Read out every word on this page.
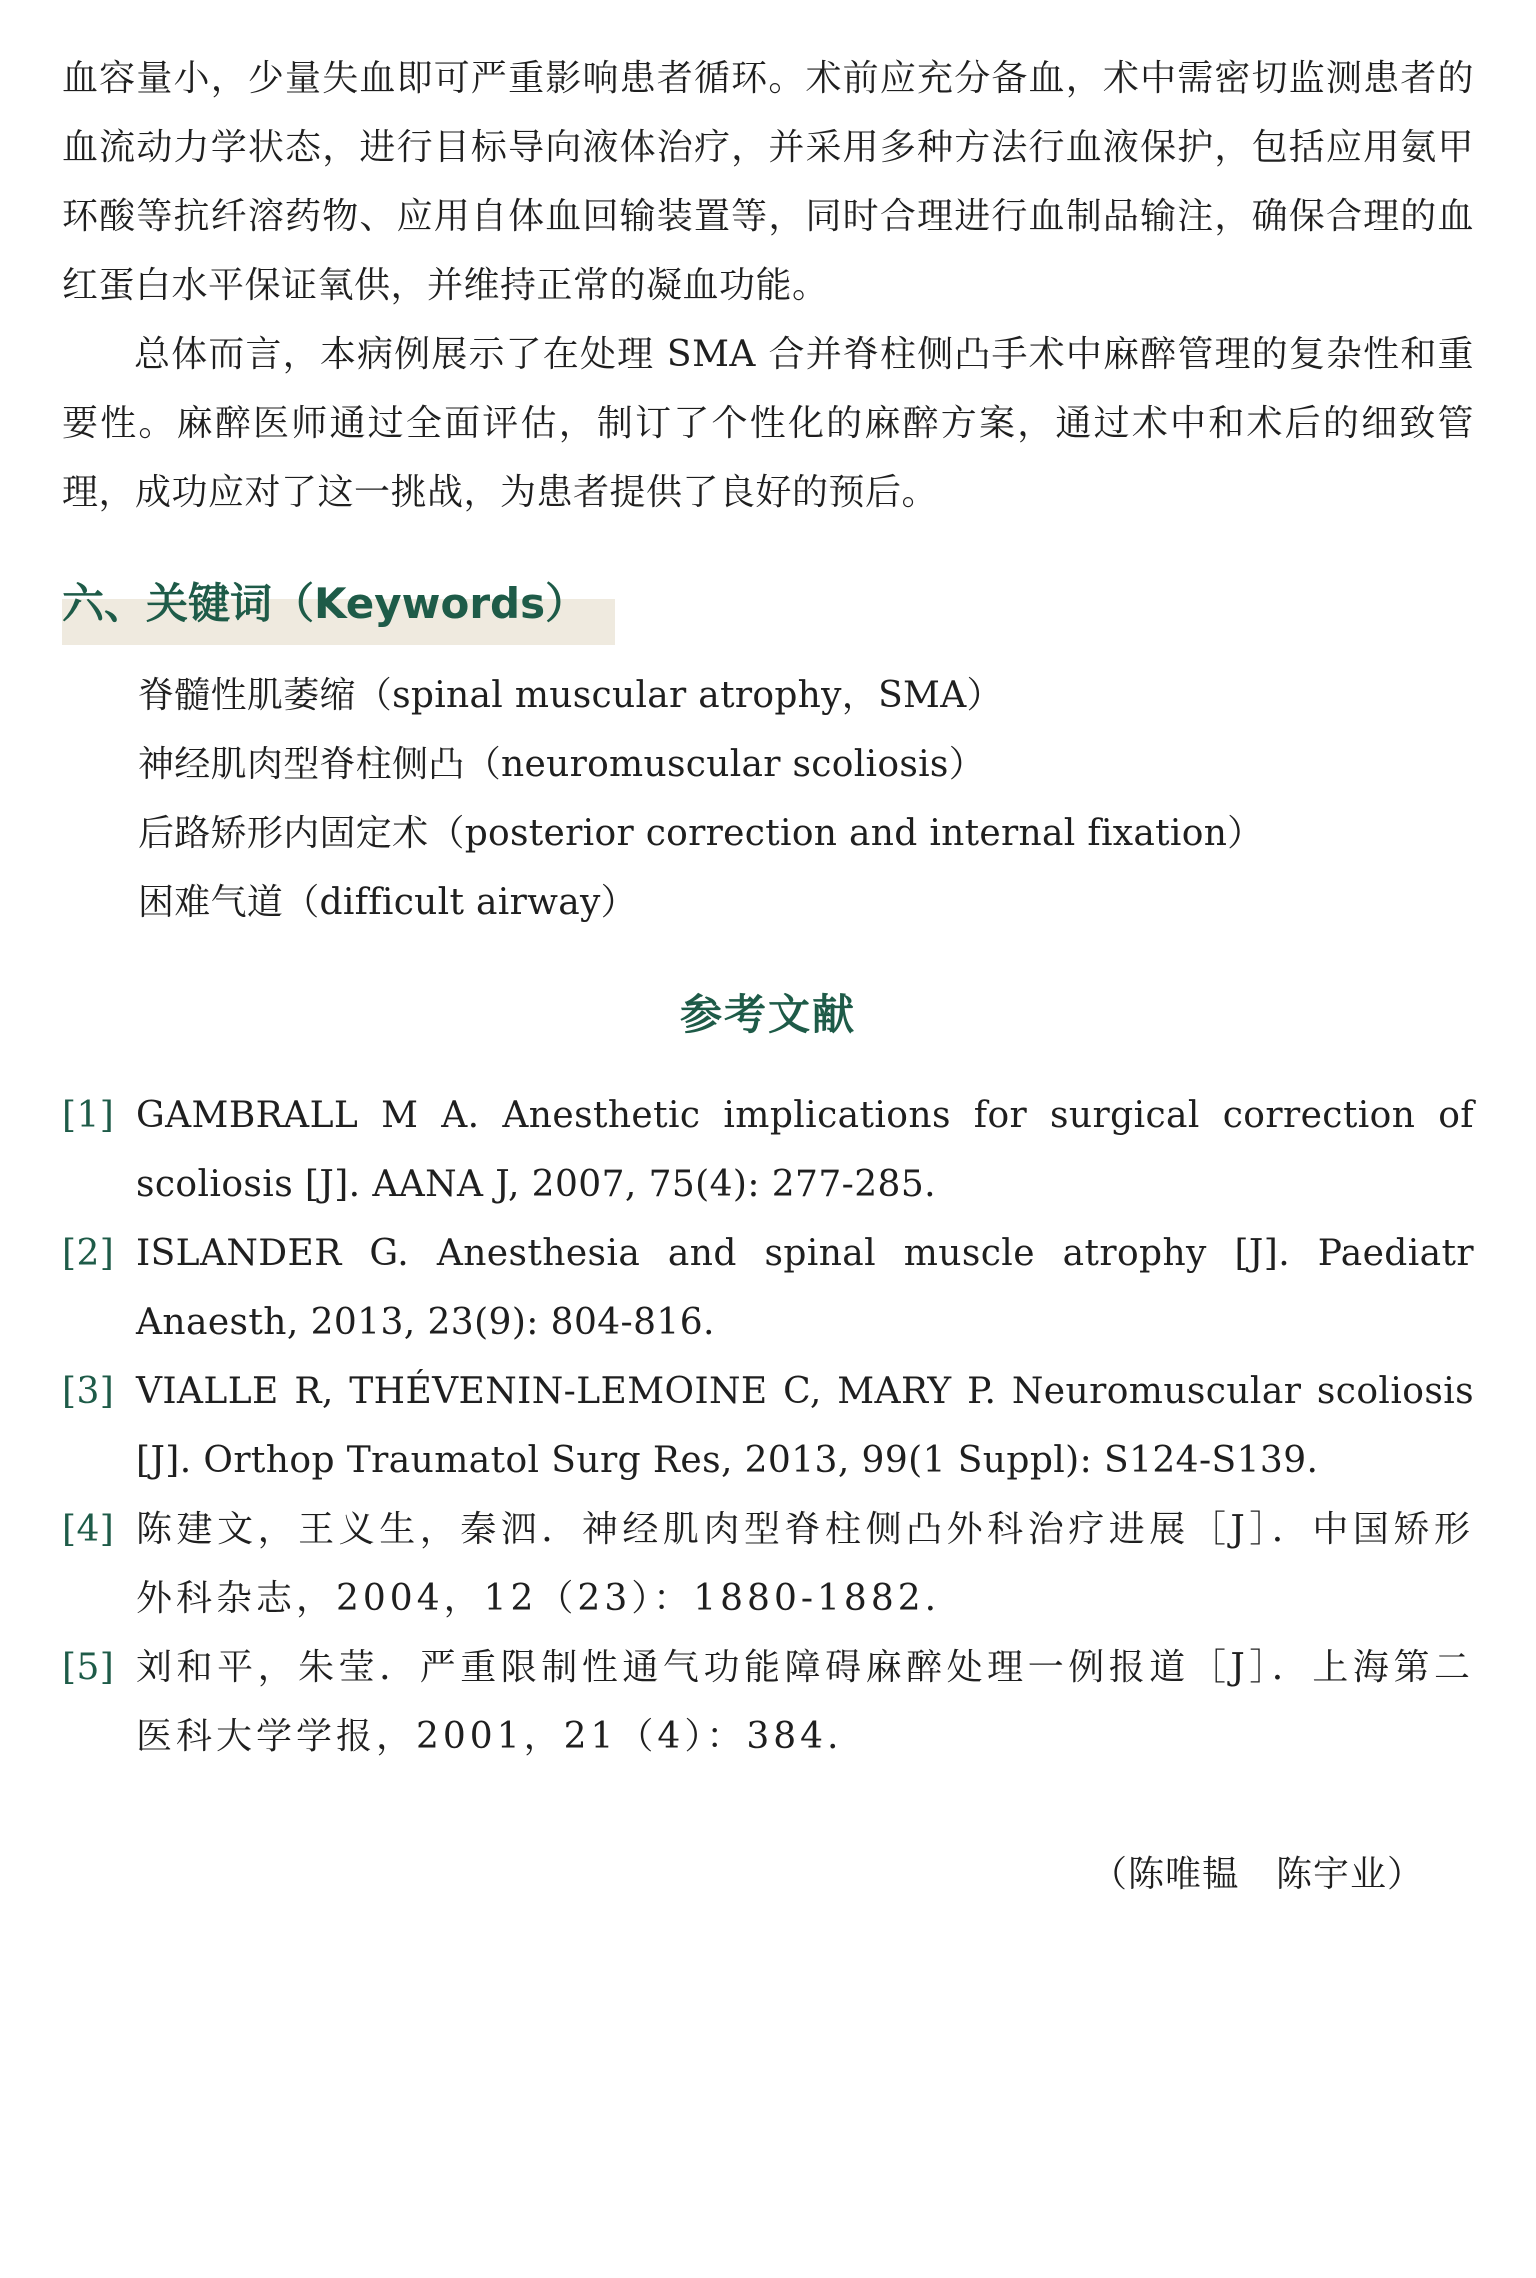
血容量小，少量失血即可严重影响患者循环。术前应充分备血，术中需密切监测患者的血流动力学状态，进行目标导向液体治疗，并采用多种方法行血液保护，包括应用氨甲环酸等抗纤溶药物、应用自体血回输装置等，同时合理进行血制品输注，确保合理的血红蛋白水平保证氧供，并维持正常的凝血功能。

总体而言，本病例展示了在处理 SMA 合并脊柱侧凸手术中麻醉管理的复杂性和重要性。麻醉医师通过全面评估，制订了个性化的麻醉方案，通过术中和术后的细致管理，成功应对了这一挑战，为患者提供了良好的预后。

六、关键词（Keywords）
脊髓性肌萎缩（spinal muscular atrophy，SMA）
神经肌肉型脊柱侧凸（neuromuscular scoliosis）
后路矫形内固定术（posterior correction and internal fixation）
困难气道（difficult airway）
参考文献
[1] GAMBRALL M A. Anesthetic implications for surgical correction of scoliosis [J]. AANA J, 2007, 75(4): 277-285.
[2] ISLANDER G. Anesthesia and spinal muscle atrophy [J]. Paediatr Anaesth, 2013, 23(9): 804-816.
[3] VIALLE R, THÉVENIN-LEMOINE C, MARY P. Neuromuscular scoliosis [J]. Orthop Traumatol Surg Res, 2013, 99(1 Suppl): S124-S139.
[4] 陈建文，王义生，秦泗．神经肌肉型脊柱侧凸外科治疗进展［J］．中国矫形外科杂志，2004，12（23）：1880-1882.
[5] 刘和平，朱莹．严重限制性通气功能障碍麻醉处理一例报道［J］．上海第二医科大学学报，2001，21（4）：384.
（陈唯韫　陈宇业）
